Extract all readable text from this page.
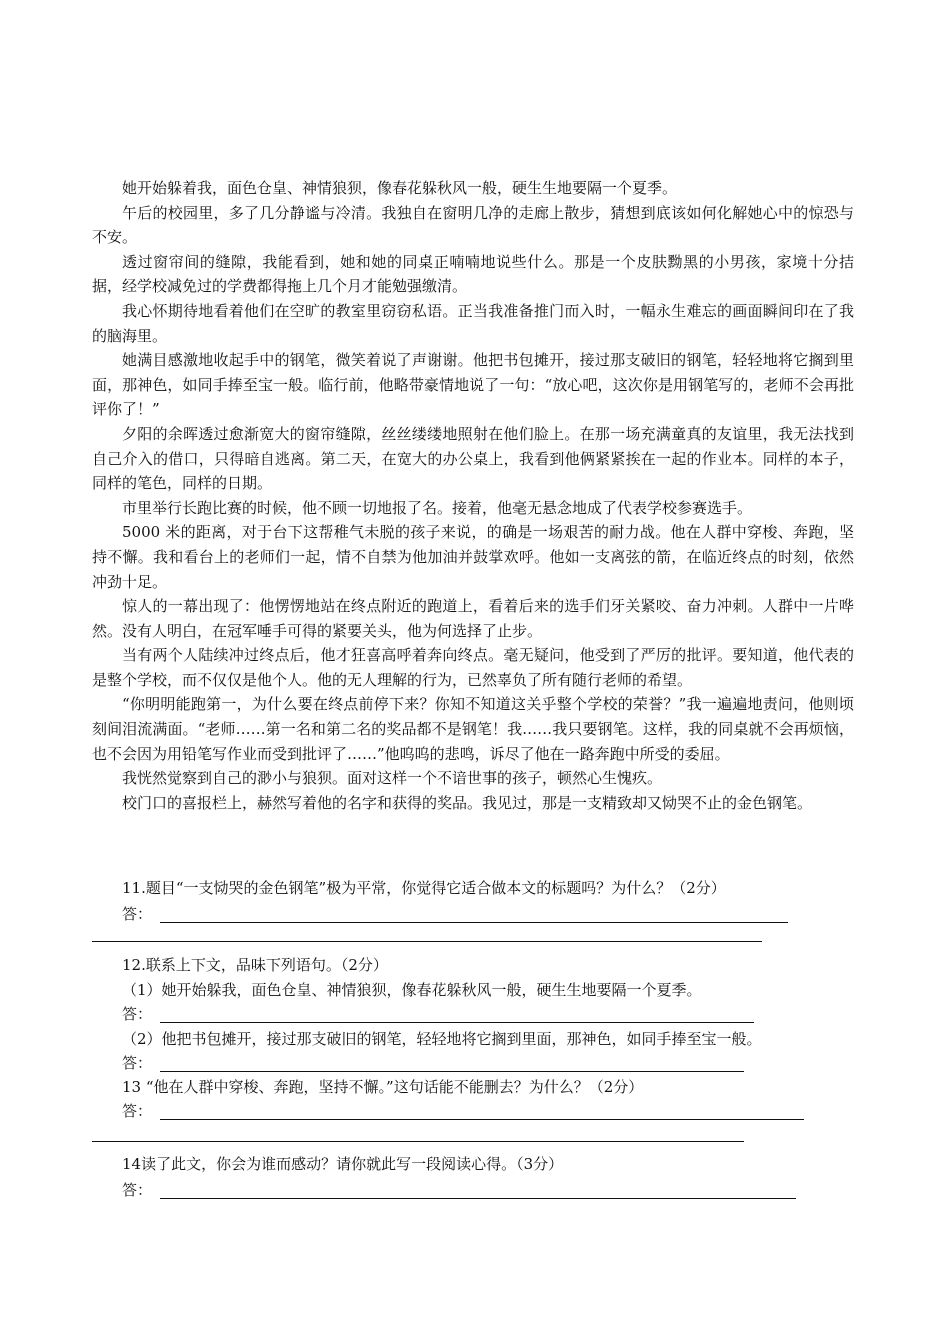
她开始躲着我，面色仓皇、神情狼狈，像春花躲秋风一般，硬生生地要隔一个夏季。

午后的校园里，多了几分静谧与冷清。我独自在窗明几净的走廊上散步，猜想到底该如何化解她心中的惊恐与不安。

透过窗帘间的缝隙，我能看到，她和她的同桌正喃喃地说些什么。那是一个皮肤黝黑的小男孩，家境十分拮据，经学校减免过的学费都得拖上几个月才能勉强缴清。

我心怀期待地看着他们在空旷的教室里窃窃私语。正当我准备推门而入时，一幅永生难忘的画面瞬间印在了我的脑海里。

她满目感激地收起手中的钢笔，微笑着说了声谢谢。他把书包摊开，接过那支破旧的钢笔，轻轻地将它搁到里面，那神色，如同手捧至宝一般。临行前，他略带豪情地说了一句：“放心吧，这次你是用钢笔写的，老师不会再批评你了！”

夕阳的余晖透过愈渐宽大的窗帘缝隙，丝丝缕缕地照射在他们脸上。在那一场充满童真的友谊里，我无法找到自己介入的借口，只得暗自逃离。第二天，在宽大的办公桌上，我看到他俩紧紧挨在一起的作业本。同样的本子，同样的笔色，同样的日期。

市里举行长跑比赛的时候，他不顾一切地报了名。接着，他毫无悬念地成了代表学校参赛选手。

5000 米的距离，对于台下这帮稚气未脱的孩子来说，的确是一场艰苦的耐力战。他在人群中穿梭、奔跑，坚持不懈。我和看台上的老师们一起，情不自禁为他加油并鼓掌欢呼。他如一支离弦的箭，在临近终点的时刻，依然冲劲十足。

惊人的一幕出现了：他愣愣地站在终点附近的跑道上，看着后来的选手们牙关紧咬、奋力冲刺。人群中一片哗然。没有人明白，在冠军唾手可得的紧要关头，他为何选择了止步。

当有两个人陆续冲过终点后，他才狂喜高呼着奔向终点。毫无疑问，他受到了严厉的批评。要知道，他代表的是整个学校，而不仅仅是他个人。他的无人理解的行为，已然辜负了所有随行老师的希望。

“你明明能跑第一，为什么要在终点前停下来？你知不知道这关乎整个学校的荣誉？”我一遍遍地责问，他则顷刻间泪流满面。“老师……第一名和第二名的奖品都不是钢笔！我……我只要钢笔。这样，我的同桌就不会再烦恼，也不会因为用铅笔写作业而受到批评了……”他呜呜的悲鸣，诉尽了他在一路奔跑中所受的委屈。

我恍然觉察到自己的渺小与狼狈。面对这样一个不谙世事的孩子，顿然心生愧疚。

校门口的喜报栏上，赫然写着他的名字和获得的奖品。我见过，那是一支精致却又恸哭不止的金色钢笔。

11.题目“一支恸哭的金色钢笔”极为平常，你觉得它适合做本文的标题吗？为什么？（2分）
答：
12.联系上下文，品味下列语句。（2分）
（1）她开始躲我，面色仓皇、神情狼狈，像春花躲秋风一般，硬生生地要隔一个夏季。
答：
（2）他把书包摊开，接过那支破旧的钢笔，轻轻地将它搁到里面，那神色，如同手捧至宝一般。
答：
13 “他在人群中穿梭、奔跑，坚持不懈。”这句话能不能删去？为什么？（2分）
答：
14读了此文，你会为谁而感动？请你就此写一段阅读心得。（3分）
答：
